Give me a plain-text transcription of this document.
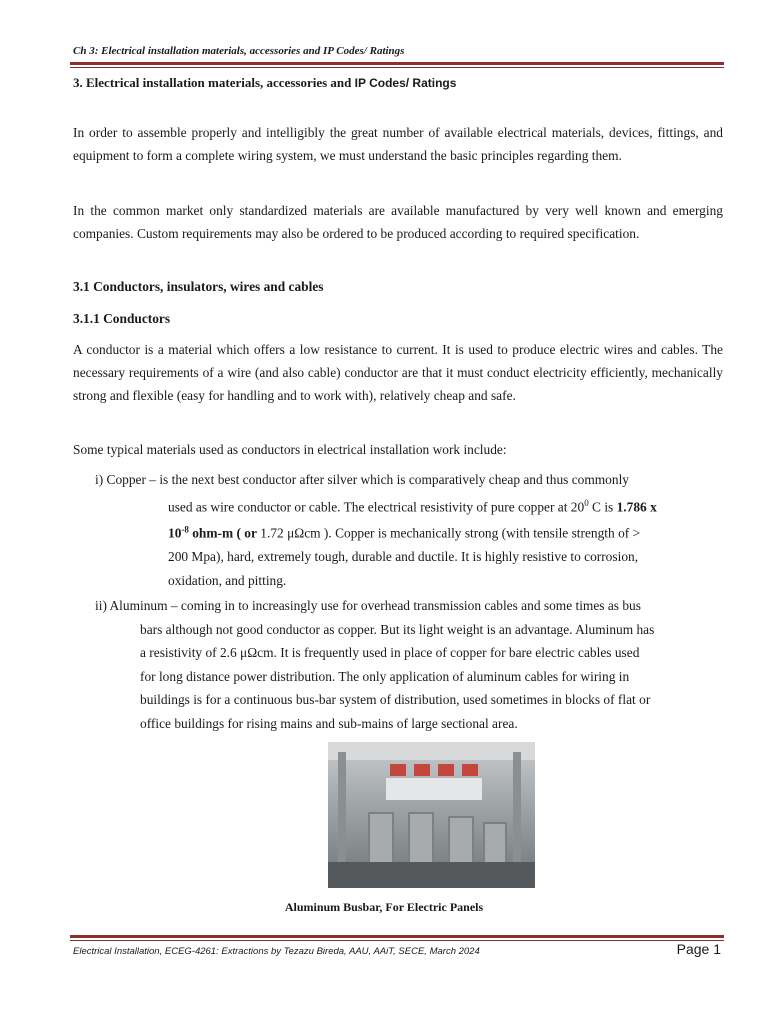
Ch 3: Electrical installation materials, accessories and IP Codes/ Ratings
3. Electrical installation materials, accessories and IP Codes/ Ratings
In order to assemble properly and intelligibly the great number of available electrical materials, devices, fittings, and equipment to form a complete wiring system, we must understand the basic principles regarding them.
In the common market only standardized materials are available manufactured by very well known and emerging companies. Custom requirements may also be ordered to be produced according to required specification.
3.1 Conductors, insulators, wires and cables
3.1.1 Conductors
A conductor is a material which offers a low resistance to current. It is used to produce electric wires and cables. The necessary requirements of a wire (and also cable) conductor are that it must conduct electricity efficiently, mechanically strong and flexible (easy for handling and to work with), relatively cheap and safe.
Some typical materials used as conductors in electrical installation work include:
i) Copper – is the next best conductor after silver which is comparatively cheap and thus commonly
used as wire conductor or cable. The electrical resistivity of pure copper at $20^0$ C is 1.786 x
$10^{-8}$ ohm-m ( or 1.72 μΩcm ). Copper is mechanically strong (with tensile strength of >
200 Mpa), hard, extremely tough, durable and ductile. It is highly resistive to corrosion,
oxidation, and pitting.
ii) Aluminum – coming in to increasingly use for overhead transmission cables and some times as bus
bars although not good conductor as copper. But its light weight is an advantage. Aluminum has
a resistivity of 2.6 μΩcm. It is frequently used in place of copper for bare electric cables used
for long distance power distribution. The only application of aluminum cables for wiring in
buildings is for a continuous bus-bar system of distribution, used sometimes in blocks of flat or
office buildings for rising mains and sub-mains of large sectional area.
Aluminum Busbar, For Electric Panels
Electrical Installation, ECEG-4261: Extractions by Tezazu Bireda, AAU, AAiT, SECE, March 2024	Page 1
